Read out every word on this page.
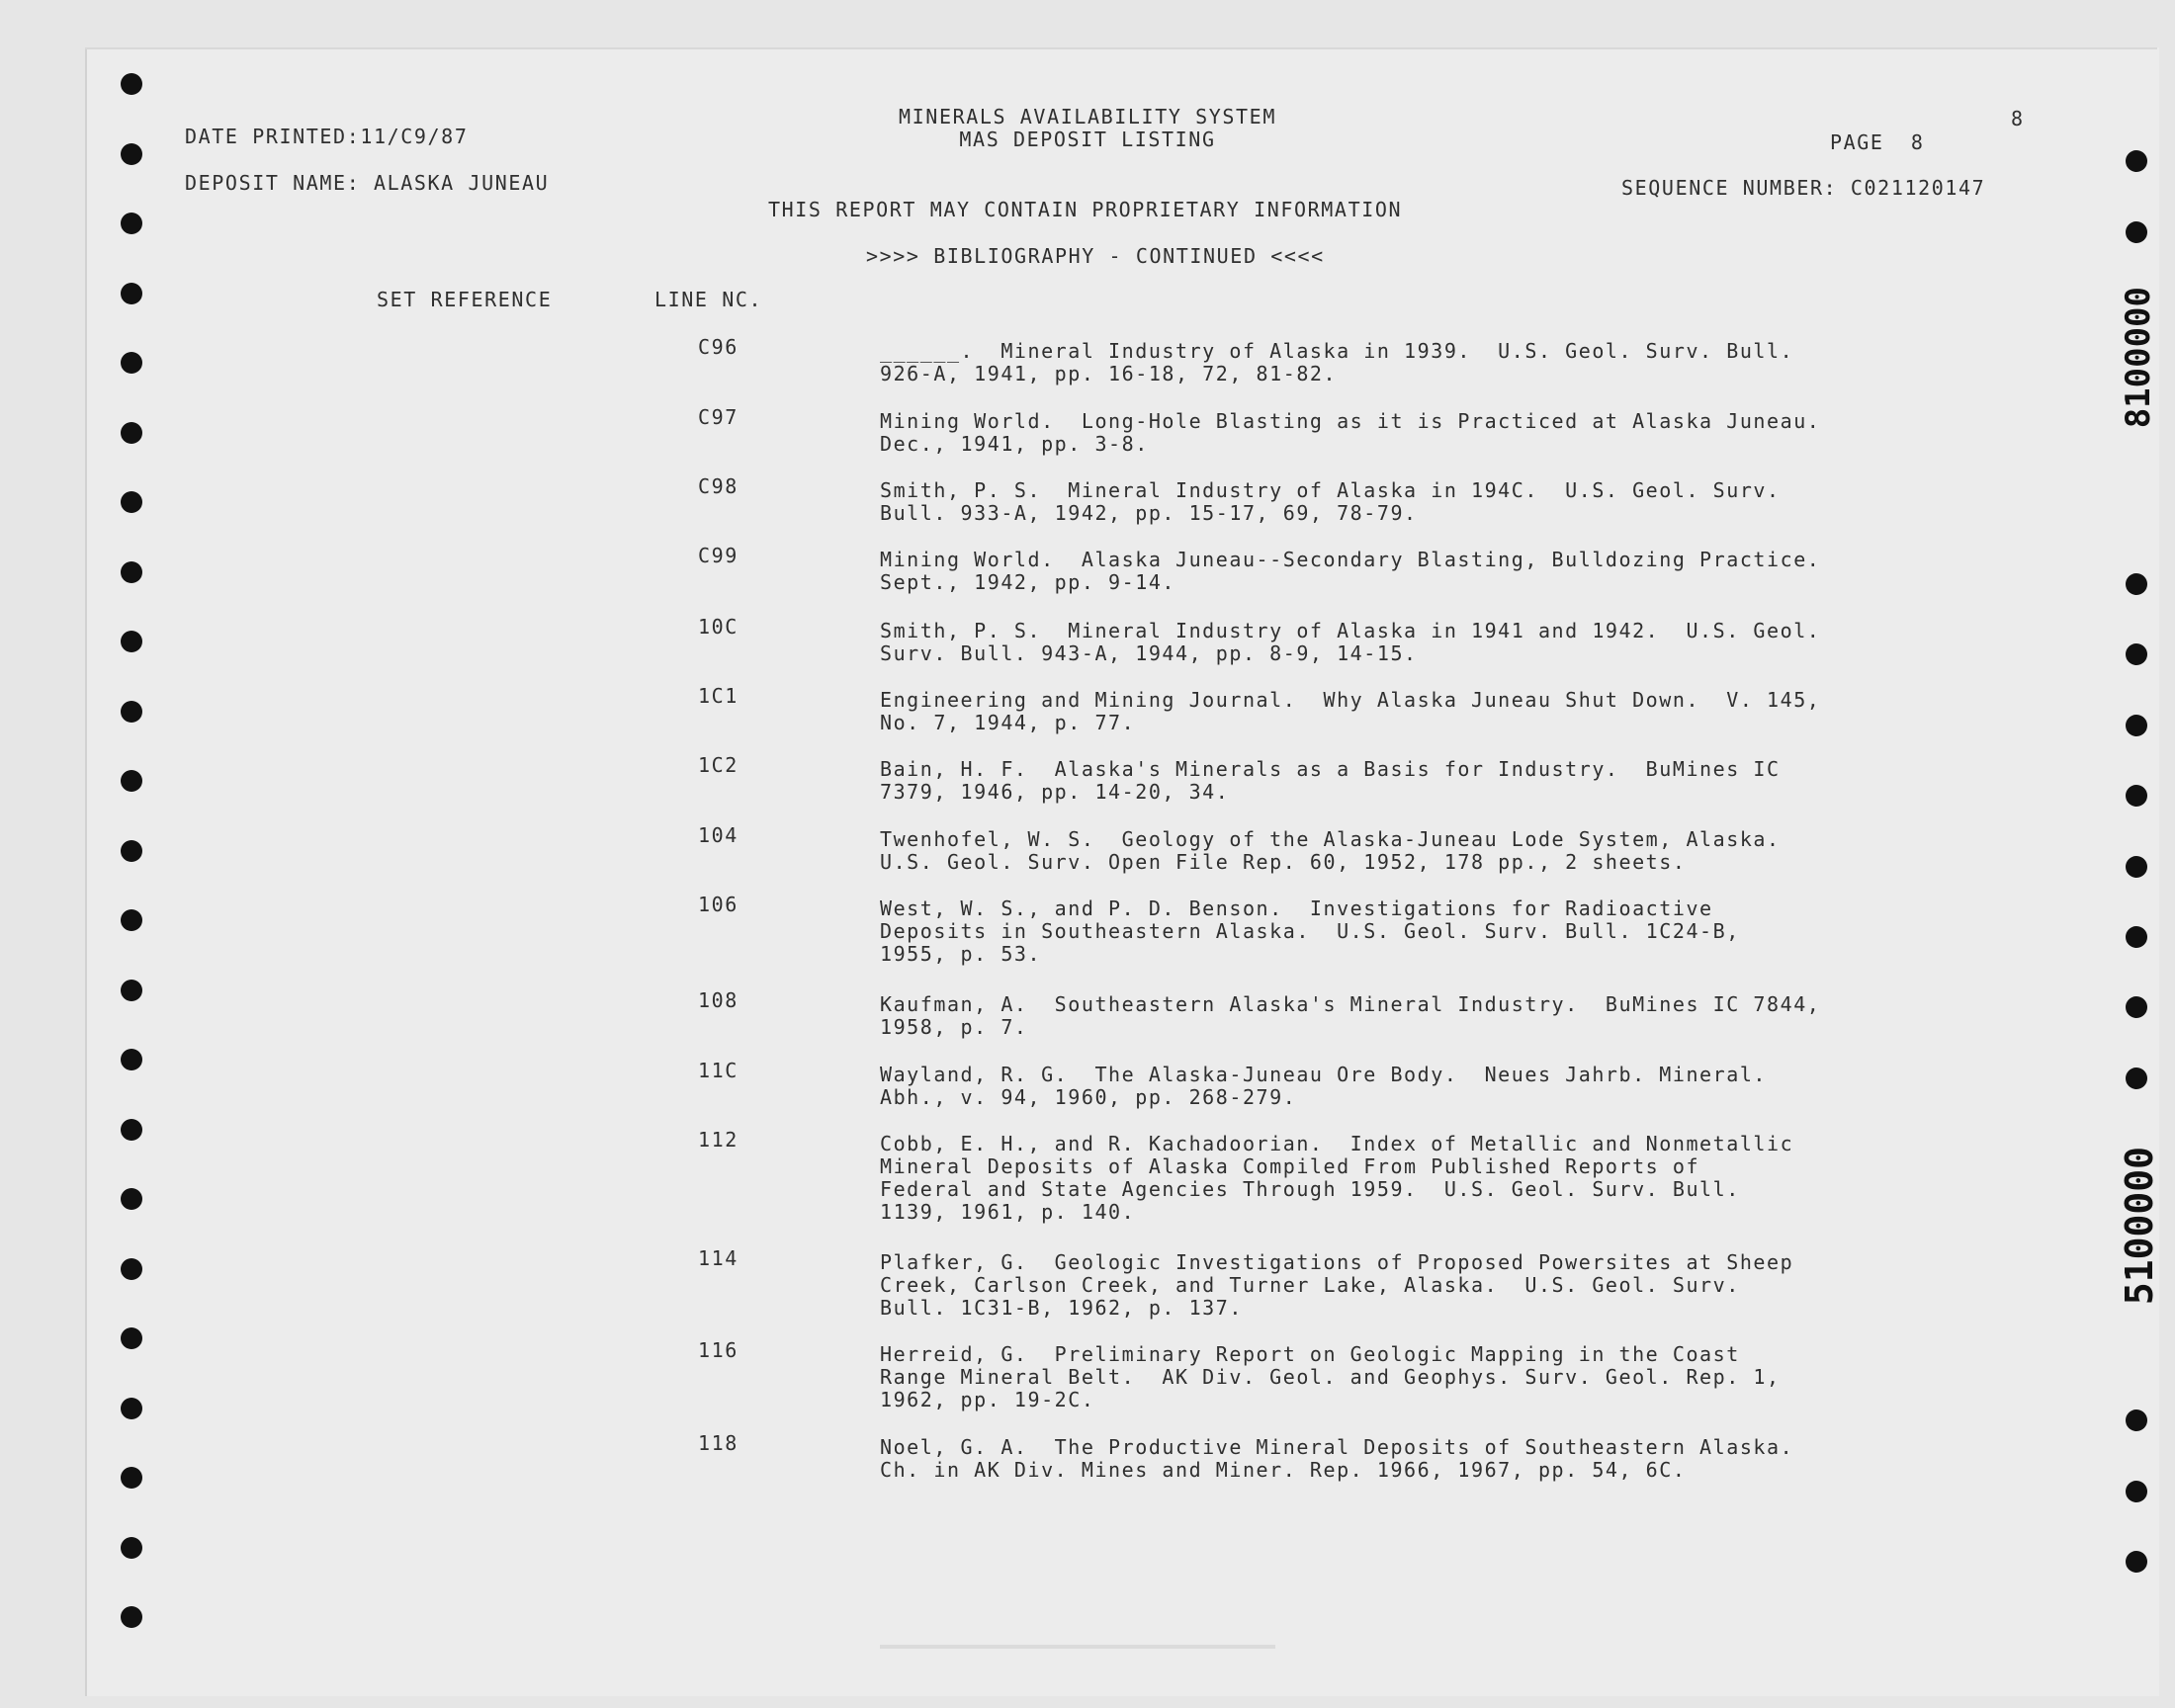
8100000
5100000
DATE PRINTED:11/C9/87
MINERALS AVAILABILITY SYSTEM
MAS DEPOSIT LISTING	PAGE  8
8
DEPOSIT NAME: ALASKA JUNEAU	SEQUENCE NUMBER: C021120147
THIS REPORT MAY CONTAIN PROPRIETARY INFORMATION
>>>> BIBLIOGRAPHY - CONTINUED <<<<
SET REFERENCE	LINE NC.
C96	______.  Mineral Industry of Alaska in 1939.  U.S. Geol. Surv. Bull.
926-A, 1941, pp. 16-18, 72, 81-82.
C97	Mining World.  Long-Hole Blasting as it is Practiced at Alaska Juneau.
Dec., 1941, pp. 3-8.
C98	Smith, P. S.  Mineral Industry of Alaska in 194C.  U.S. Geol. Surv.
Bull. 933-A, 1942, pp. 15-17, 69, 78-79.
C99	Mining World.  Alaska Juneau--Secondary Blasting, Bulldozing Practice.
Sept., 1942, pp. 9-14.
10C	Smith, P. S.  Mineral Industry of Alaska in 1941 and 1942.  U.S. Geol.
Surv. Bull. 943-A, 1944, pp. 8-9, 14-15.
1C1	Engineering and Mining Journal.  Why Alaska Juneau Shut Down.  V. 145,
No. 7, 1944, p. 77.
1C2	Bain, H. F.  Alaska's Minerals as a Basis for Industry.  BuMines IC
7379, 1946, pp. 14-20, 34.
104	Twenhofel, W. S.  Geology of the Alaska-Juneau Lode System, Alaska.
U.S. Geol. Surv. Open File Rep. 60, 1952, 178 pp., 2 sheets.
106	West, W. S., and P. D. Benson.  Investigations for Radioactive
Deposits in Southeastern Alaska.  U.S. Geol. Surv. Bull. 1C24-B,
1955, p. 53.
108	Kaufman, A.  Southeastern Alaska's Mineral Industry.  BuMines IC 7844,
1958, p. 7.
11C	Wayland, R. G.  The Alaska-Juneau Ore Body.  Neues Jahrb. Mineral.
Abh., v. 94, 1960, pp. 268-279.
112	Cobb, E. H., and R. Kachadoorian.  Index of Metallic and Nonmetallic
Mineral Deposits of Alaska Compiled From Published Reports of
Federal and State Agencies Through 1959.  U.S. Geol. Surv. Bull.
1139, 1961, p. 140.
114	Plafker, G.  Geologic Investigations of Proposed Powersites at Sheep
Creek, Carlson Creek, and Turner Lake, Alaska.  U.S. Geol. Surv.
Bull. 1C31-B, 1962, p. 137.
116	Herreid, G.  Preliminary Report on Geologic Mapping in the Coast
Range Mineral Belt.  AK Div. Geol. and Geophys. Surv. Geol. Rep. 1,
1962, pp. 19-2C.
118	Noel, G. A.  The Productive Mineral Deposits of Southeastern Alaska.
Ch. in AK Div. Mines and Miner. Rep. 1966, 1967, pp. 54, 6C.
